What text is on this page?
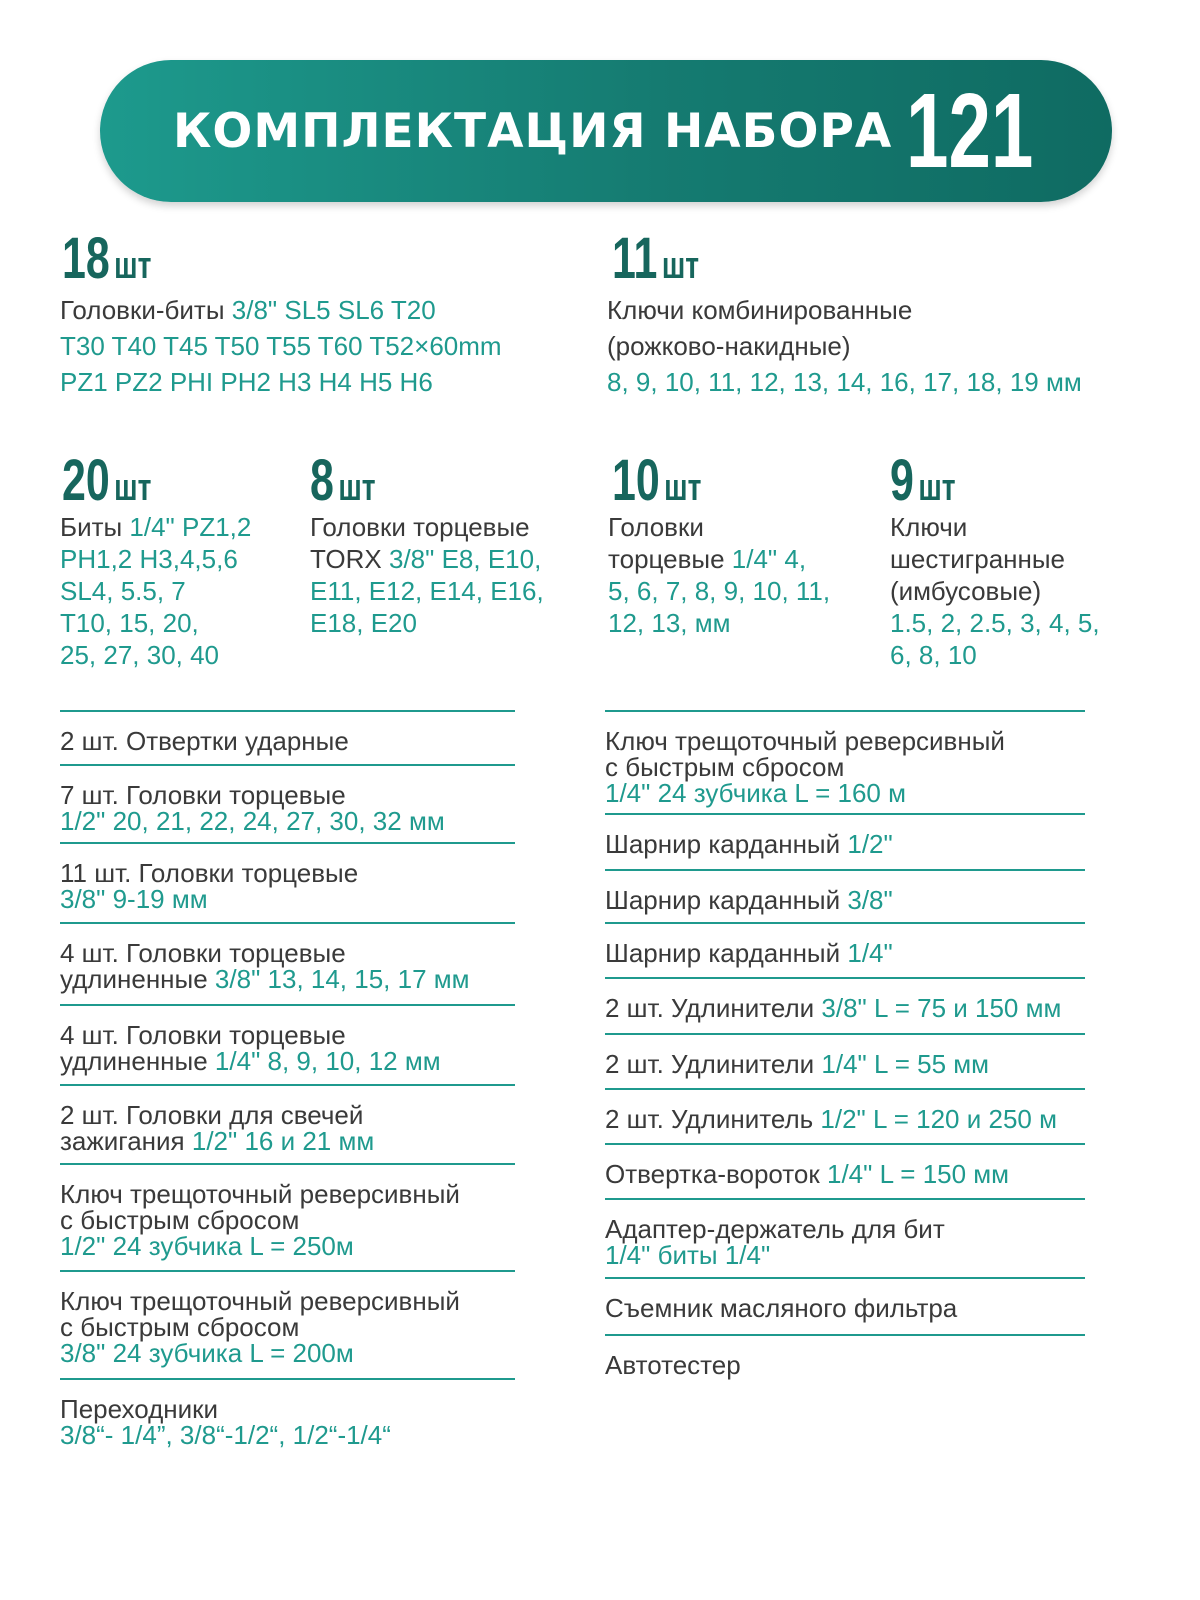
КОМПЛЕКТАЦИЯ НАБОРА 121
18 шт
Головки-биты 3/8" SL5 SL6 T20
T30 T40 T45 T50 T55 T60 T52×60mm
PZ1 PZ2 PHI PH2 H3 H4 H5 H6
11 шт
Ключи комбинированные
(рожково-накидные)
8, 9, 10, 11, 12, 13, 14, 16, 17, 18, 19 мм
20 шт
Биты 1/4" PZ1,2
PH1,2 H3,4,5,6
SL4, 5.5, 7
T10, 15, 20,
25, 27, 30, 40
8 шт
Головки торцевые
TORX 3/8" E8, E10,
E11, E12, E14, E16,
E18, E20
10 шт
Головки
торцевые 1/4" 4,
5, 6, 7, 8, 9, 10, 11,
12, 13, мм
9 шт
Ключи
шестигранные
(имбусовые)
1.5, 2, 2.5, 3, 4, 5,
6, 8, 10
2 шт. Отвертки ударные
7 шт. Головки торцевые
1/2" 20, 21, 22, 24, 27, 30, 32 мм
11 шт. Головки торцевые
3/8" 9-19 мм
4 шт. Головки торцевые
удлиненные 3/8" 13, 14, 15, 17 мм
4 шт. Головки торцевые
удлиненные 1/4" 8, 9, 10, 12 мм
2 шт. Головки для свечей
зажигания 1/2" 16 и 21 мм
Ключ трещоточный реверсивный
с быстрым сбросом
1/2" 24 зубчика L = 250м
Ключ трещоточный реверсивный
с быстрым сбросом
3/8" 24 зубчика L = 200м
Переходники
3/8“- 1/4”, 3/8“-1/2“, 1/2“-1/4“
Ключ трещоточный реверсивный
с быстрым сбросом
1/4" 24 зубчика L = 160 м
Шарнир карданный 1/2"
Шарнир карданный 3/8"
Шарнир карданный 1/4"
2 шт. Удлинители 3/8" L = 75 и 150 мм
2 шт. Удлинители 1/4" L = 55 мм
2 шт. Удлинитель 1/2" L = 120 и 250 м
Отвертка-вороток 1/4" L = 150 мм
Адаптер-держатель для бит
1/4" биты 1/4"
Съемник масляного фильтра
Автотестер
